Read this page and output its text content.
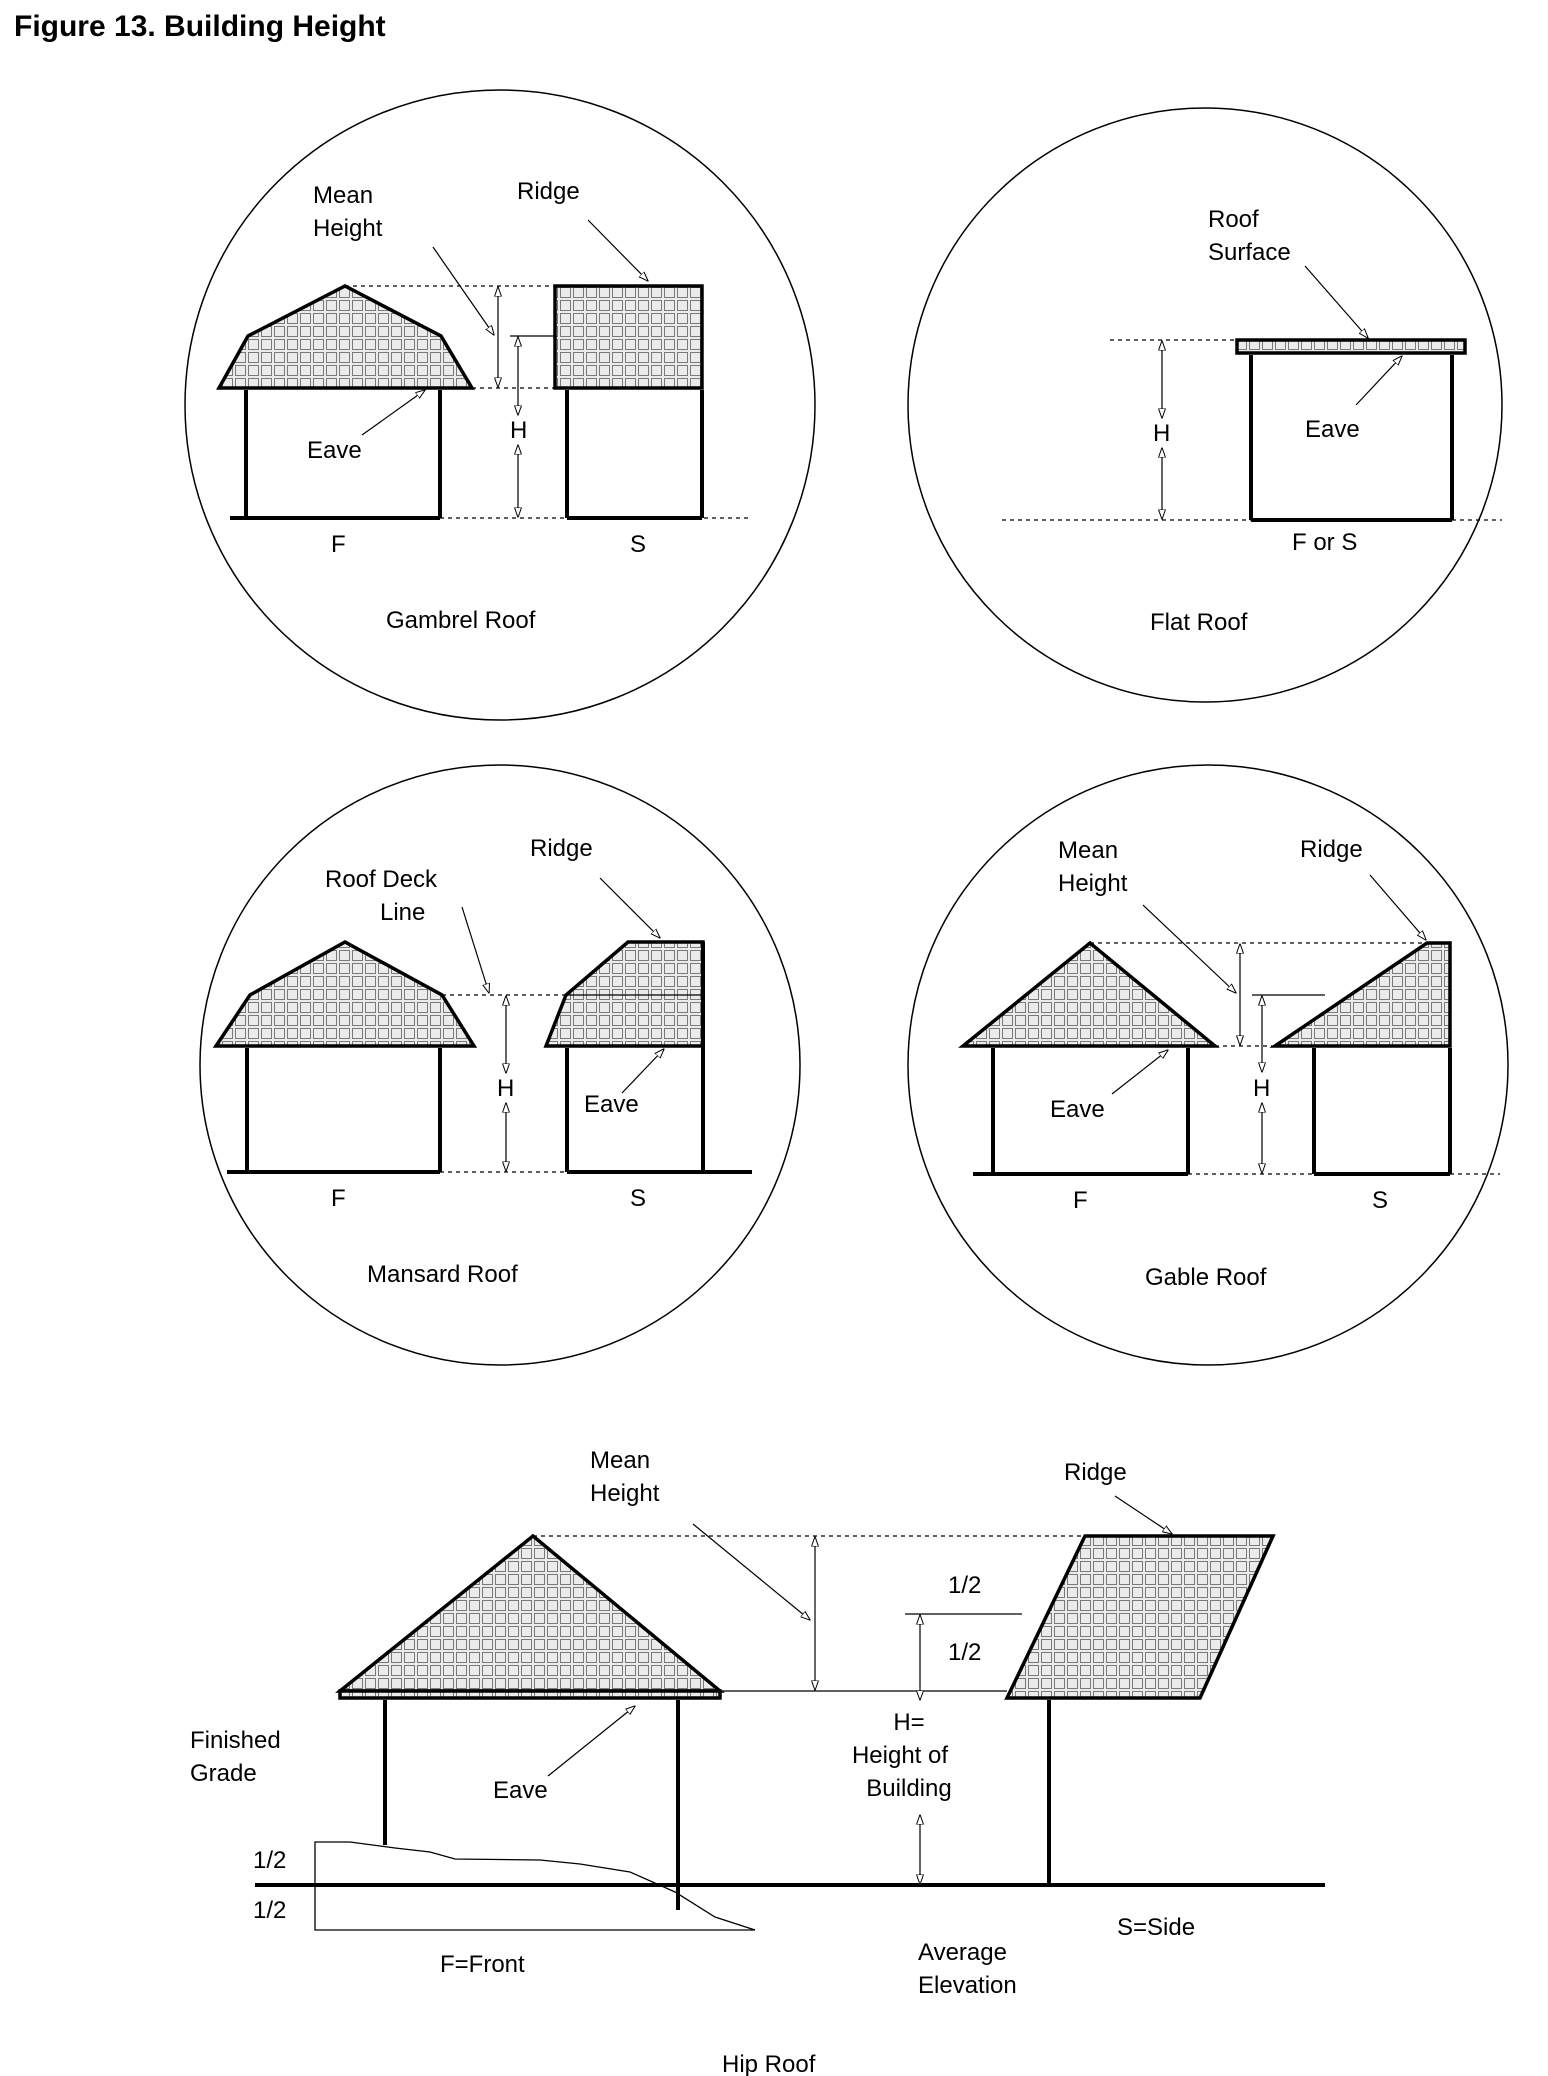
Figure 13. Building Height
Mean Height
Ridge
H
Eave
F	S
Gambrel Roof
Roof Surface
H	Eave
F or S
Flat Roof
Roof Deck Line
Ridge
H
Eave
F	S
Mansard Roof
Mean Height
Ridge
H
Eave
F	S
Gable Roof
Mean Height
Ridge
1/2
1/2
H= Height of Building
Eave
Finished Grade
1/2
1/2
F=Front
S=Side
Average Elevation
Hip Roof
